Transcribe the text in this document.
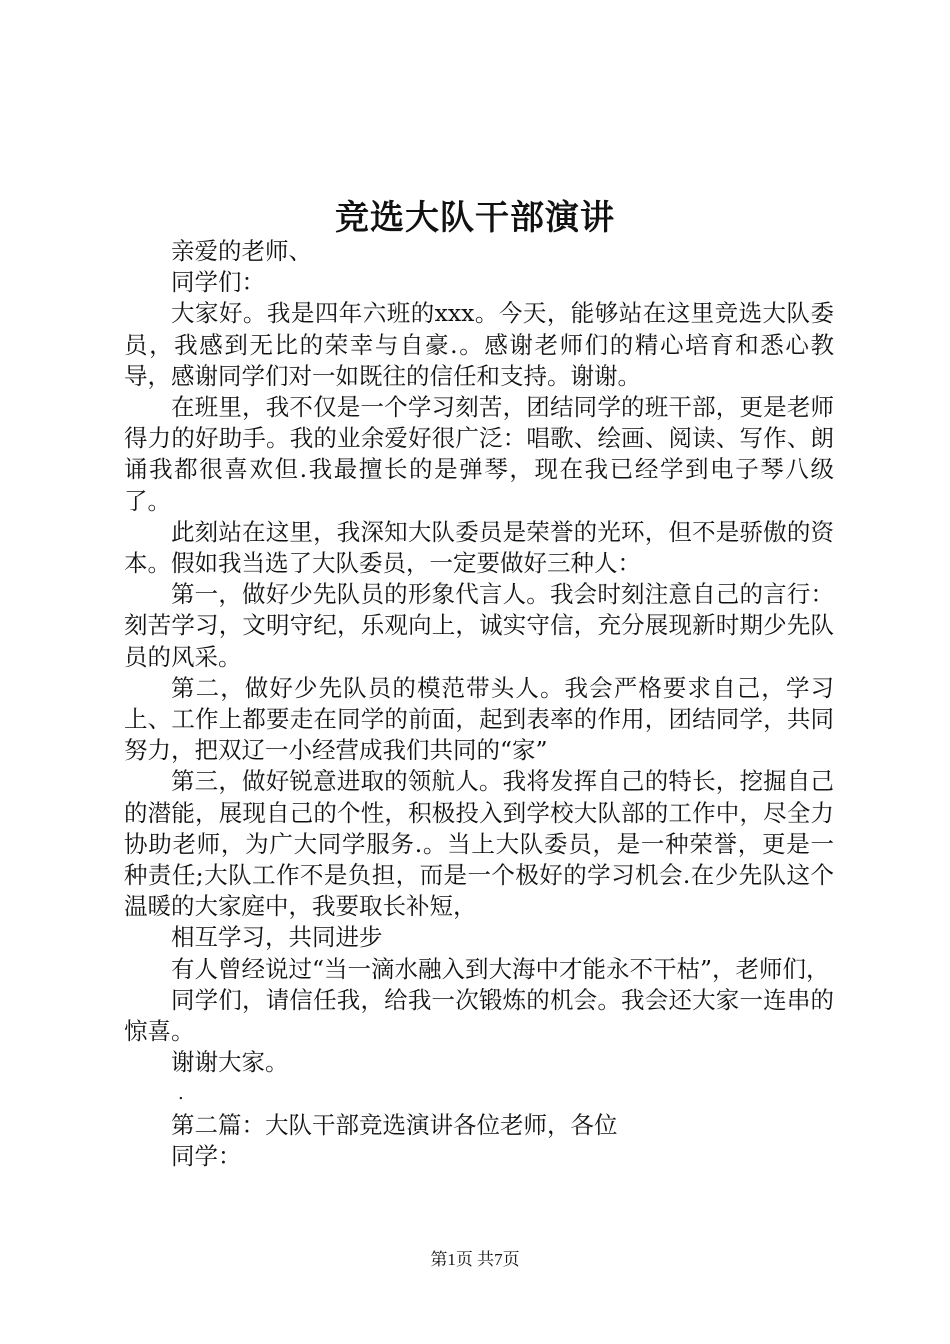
竞选大队干部演讲

亲爱的老师、

同学们：

大家好。我是四年六班的xxx。今天，能够站在这里竞选大队委员，我感到无比的荣幸与自豪.。感谢老师们的精心培育和悉心教导，感谢同学们对一如既往的信任和支持。谢谢。

在班里，我不仅是一个学习刻苦，团结同学的班干部，更是老师得力的好助手。我的业余爱好很广泛：唱歌、绘画、阅读、写作、朗诵我都很喜欢但.我最擅长的是弹琴，现在我已经学到电子琴八级了。

此刻站在这里，我深知大队委员是荣誉的光环，但不是骄傲的资本。假如我当选了大队委员，一定要做好三种人：

第一，做好少先队员的形象代言人。我会时刻注意自己的言行：刻苦学习，文明守纪，乐观向上，诚实守信，充分展现新时期少先队员的风采。

第二，做好少先队员的模范带头人。我会严格要求自己，学习上、工作上都要走在同学的前面，起到表率的作用，团结同学，共同努力，把双辽一小经营成我们共同的“家”

第三，做好锐意进取的领航人。我将发挥自己的特长，挖掘自己的潜能，展现自己的个性，积极投入到学校大队部的工作中，尽全力协助老师，为广大同学服务.。当上大队委员，是一种荣誉，更是一种责任;大队工作不是负担，而是一个极好的学习机会.在少先队这个温暖的大家庭中，我要取长补短，

相互学习，共同进步

有人曾经说过“当一滴水融入到大海中才能永不干枯”，老师们，

同学们，请信任我，给我一次锻炼的机会。我会还大家一连串的惊喜。

谢谢大家。

.

第二篇：大队干部竞选演讲各位老师，各位

同学：

第1页 共7页
